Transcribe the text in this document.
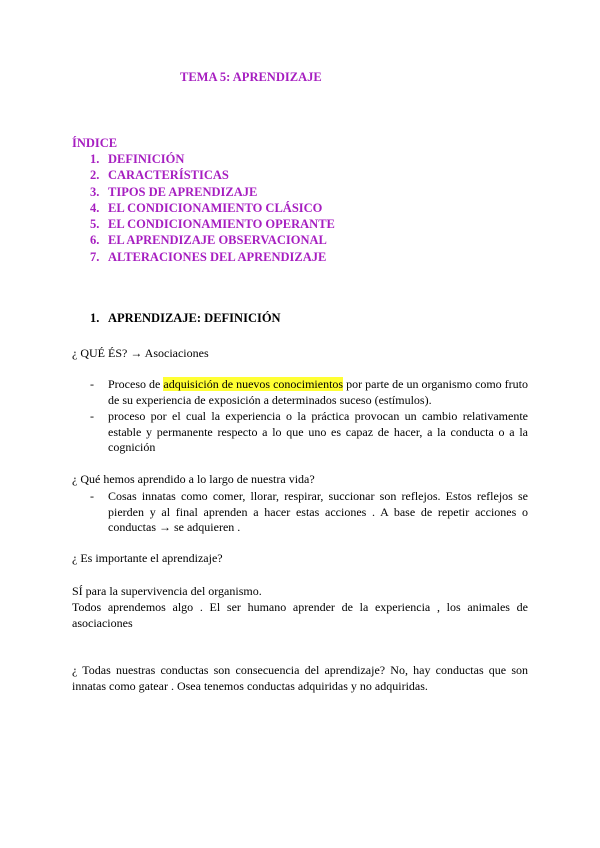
TEMA 5: APRENDIZAJE
ÍNDICE
1. DEFINICIÓN
2. CARACTERÍSTICAS
3. TIPOS DE APRENDIZAJE
4. EL CONDICIONAMIENTO CLÁSICO
5. EL CONDICIONAMIENTO OPERANTE
6. EL APRENDIZAJE OBSERVACIONAL
7. ALTERACIONES DEL APRENDIZAJE
1. APRENDIZAJE: DEFINICIÓN
¿ QUÉ ÉS? → Asociaciones
- Proceso de adquisición de nuevos conocimientos por parte de un organismo como fruto de su experiencia de exposición a determinados suceso (estímulos).
- proceso por el cual la experiencia o la práctica provocan un cambio relativamente estable y permanente respecto a lo que uno es capaz de hacer, a la conducta o a la cognición
¿ Qué hemos aprendido a lo largo de nuestra vida?
- Cosas innatas como comer, llorar, respirar, succionar son reflejos. Estos reflejos se pierden y al final aprenden a hacer estas acciones . A base de repetir acciones o conductas → se adquieren .
¿ Es importante el aprendizaje?
SÍ para la supervivencia del organismo.
Todos aprendemos algo . El ser humano aprender de la experiencia , los animales de asociaciones
¿ Todas nuestras conductas son consecuencia del aprendizaje? No, hay conductas que son innatas como gatear . Osea tenemos conductas adquiridas y no adquiridas.
